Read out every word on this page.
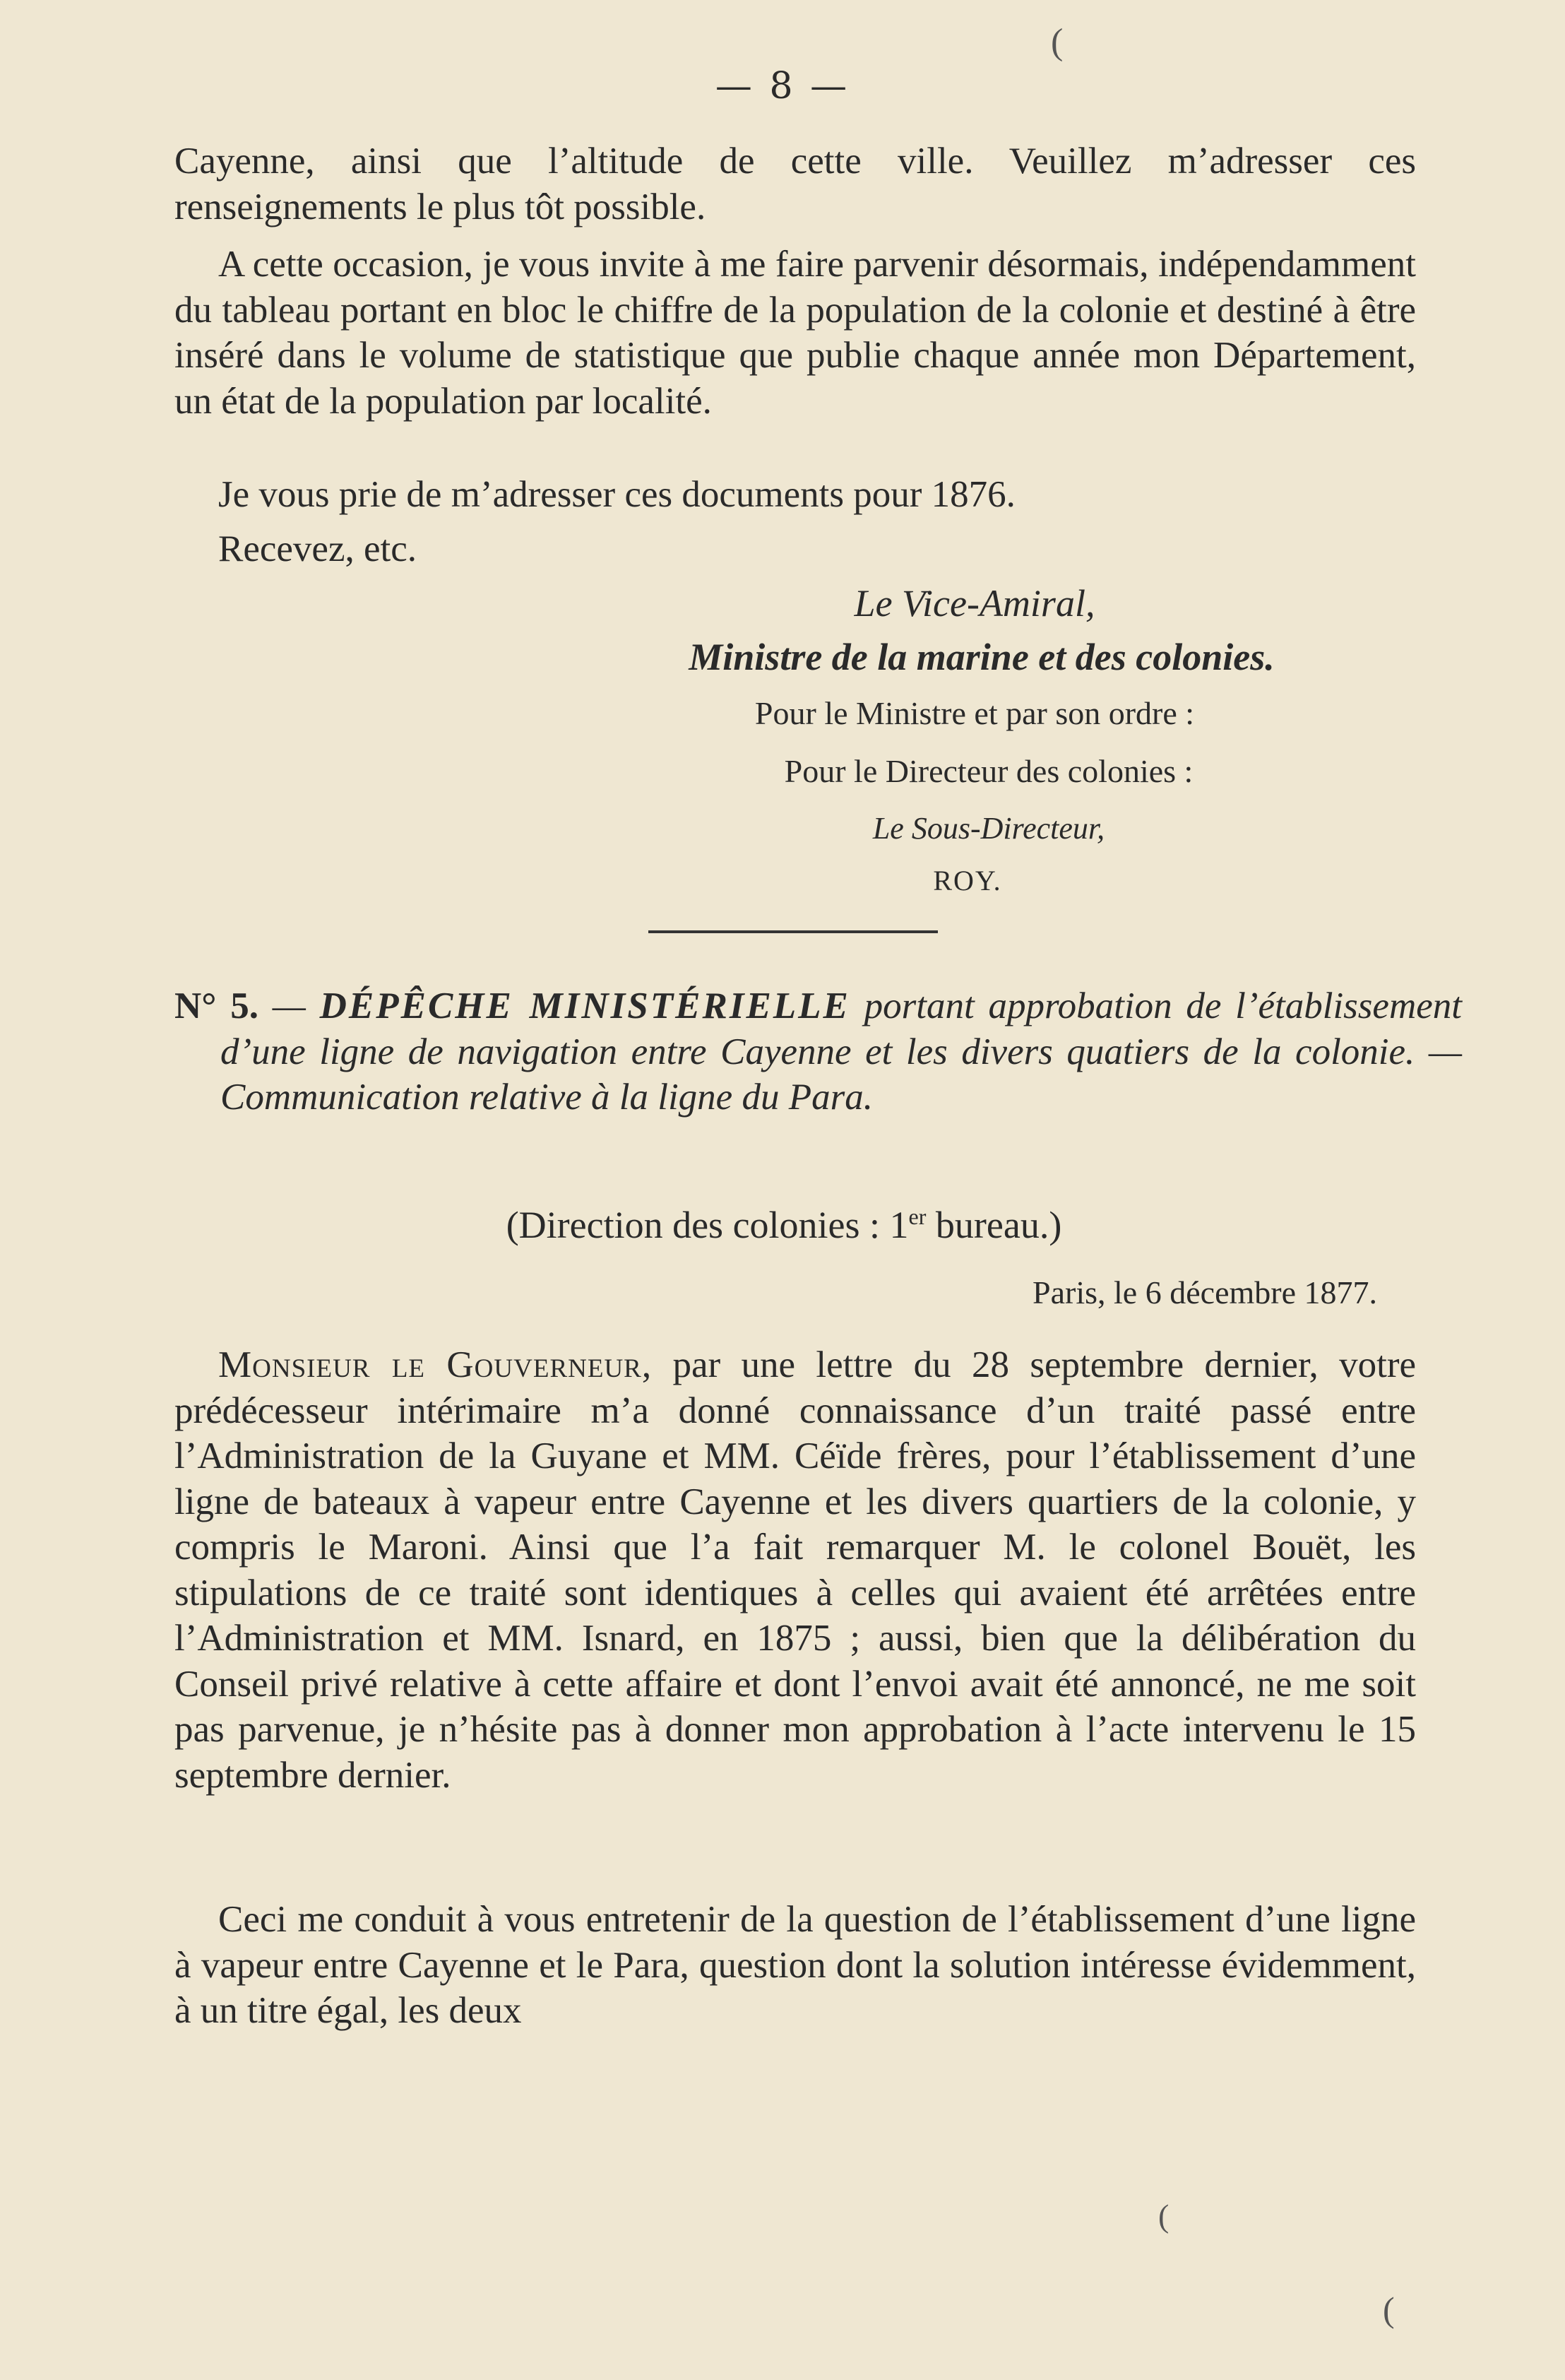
(
— 8 —

Cayenne, ainsi que l’altitude de cette ville. Veuillez m’adresser ces renseignements le plus tôt possible.

A cette occasion, je vous invite à me faire parvenir désormais, indépendamment du tableau portant en bloc le chiffre de la population de la colonie et destiné à être inséré dans le volume de statistique que publie chaque année mon Département, un état de la population par localité.

Je vous prie de m’adresser ces documents pour 1876.

Recevez, etc.

Le Vice-Amiral,
Ministre de la marine et des colonies.
Pour le Ministre et par son ordre :
Pour le Directeur des colonies :
Le Sous-Directeur,
ROY.

N° 5. — DÉPÊCHE MINISTÉRIELLE portant approbation de l’établissement d’une ligne de navigation entre Cayenne et les divers quatiers de la colonie. — Communication relative à la ligne du Para.

(Direction des colonies : 1er bureau.)
Paris, le 6 décembre 1877.

Monsieur le Gouverneur, par une lettre du 28 septembre dernier, votre prédécesseur intérimaire m’a donné connaissance d’un traité passé entre l’Administration de la Guyane et MM. Céïde frères, pour l’établissement d’une ligne de bateaux à vapeur entre Cayenne et les divers quartiers de la colonie, y compris le Maroni. Ainsi que l’a fait remarquer M. le colonel Bouët, les stipulations de ce traité sont identiques à celles qui avaient été arrêtées entre l’Administration et MM. Isnard, en 1875 ; aussi, bien que la délibération du Conseil privé relative à cette affaire et dont l’envoi avait été annoncé, ne me soit pas parvenue, je n’hésite pas à donner mon approbation à l’acte intervenu le 15 septembre dernier.

Ceci me conduit à vous entretenir de la question de l’établissement d’une ligne à vapeur entre Cayenne et le Para, question dont la solution intéresse évidemment, à un titre égal, les deux

(
(
